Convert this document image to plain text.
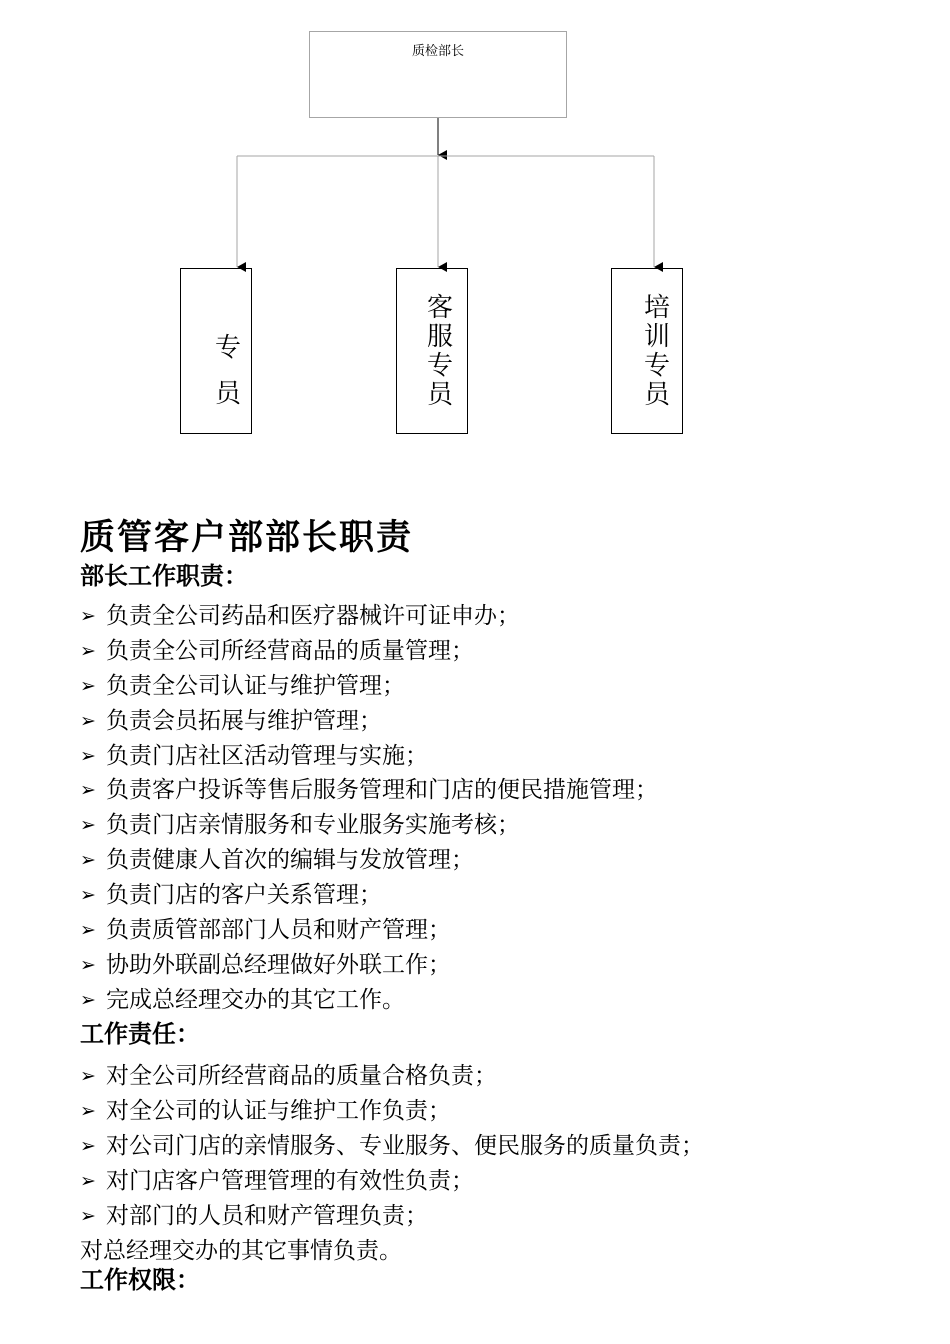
质检部长
专员
客服专员
培训专员
质管客户部部长职责
部长工作职责：
➢ 负责全公司药品和医疗器械许可证申办；
➢ 负责全公司所经营商品的质量管理；
➢ 负责全公司认证与维护管理；
➢ 负责会员拓展与维护管理；
➢ 负责门店社区活动管理与实施；
➢ 负责客户投诉等售后服务管理和门店的便民措施管理；
➢ 负责门店亲情服务和专业服务实施考核；
➢ 负责健康人首次的编辑与发放管理；
➢ 负责门店的客户关系管理；
➢ 负责质管部部门人员和财产管理；
➢ 协助外联副总经理做好外联工作；
➢ 完成总经理交办的其它工作。
工作责任：
➢ 对全公司所经营商品的质量合格负责；
➢ 对全公司的认证与维护工作负责；
➢ 对公司门店的亲情服务、专业服务、便民服务的质量负责；
➢ 对门店客户管理管理的有效性负责；
➢ 对部门的人员和财产管理负责；

对总经理交办的其它事情负责。

工作权限：
